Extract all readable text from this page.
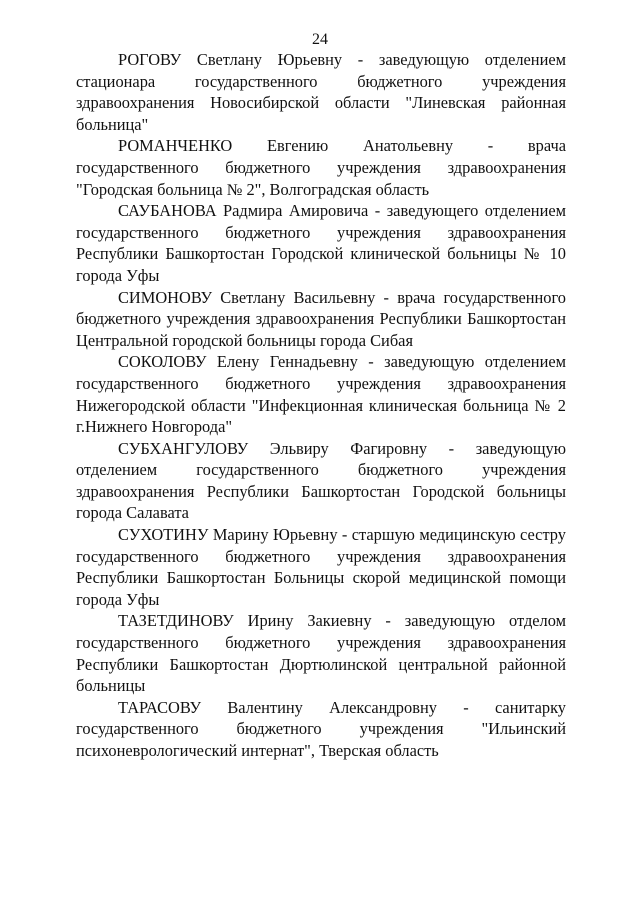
24

РОГОВУ Светлану Юрьевну - заведующую отделением стационара государственного бюджетного учреждения здравоохранения Новосибирской области "Линевская районная больница"

РОМАНЧЕНКО Евгению Анатольевну - врача государственного бюджетного учреждения здравоохранения "Городская больница № 2", Волгоградская область

САУБАНОВА Радмира Амировича - заведующего отделением государственного бюджетного учреждения здравоохранения Республики Башкортостан Городской клинической больницы № 10 города Уфы

СИМОНОВУ Светлану Васильевну - врача государственного бюджетного учреждения здравоохранения Республики Башкортостан Центральной городской больницы города Сибая

СОКОЛОВУ Елену Геннадьевну - заведующую отделением государственного бюджетного учреждения здравоохранения Нижегородской области "Инфекционная клиническая больница № 2 г.Нижнего Новгорода"

СУБХАНГУЛОВУ Эльвиру Фагировну - заведующую отделением государственного бюджетного учреждения здравоохранения Республики Башкортостан Городской больницы города Салавата

СУХОТИНУ Марину Юрьевну - старшую медицинскую сестру государственного бюджетного учреждения здравоохранения Республики Башкортостан Больницы скорой медицинской помощи города Уфы

ТАЗЕТДИНОВУ Ирину Закиевну - заведующую отделом государственного бюджетного учреждения здравоохранения Республики Башкортостан Дюртюлинской центральной районной больницы

ТАРАСОВУ Валентину Александровну - санитарку государственного бюджетного учреждения "Ильинский психоневрологический интернат", Тверская область
